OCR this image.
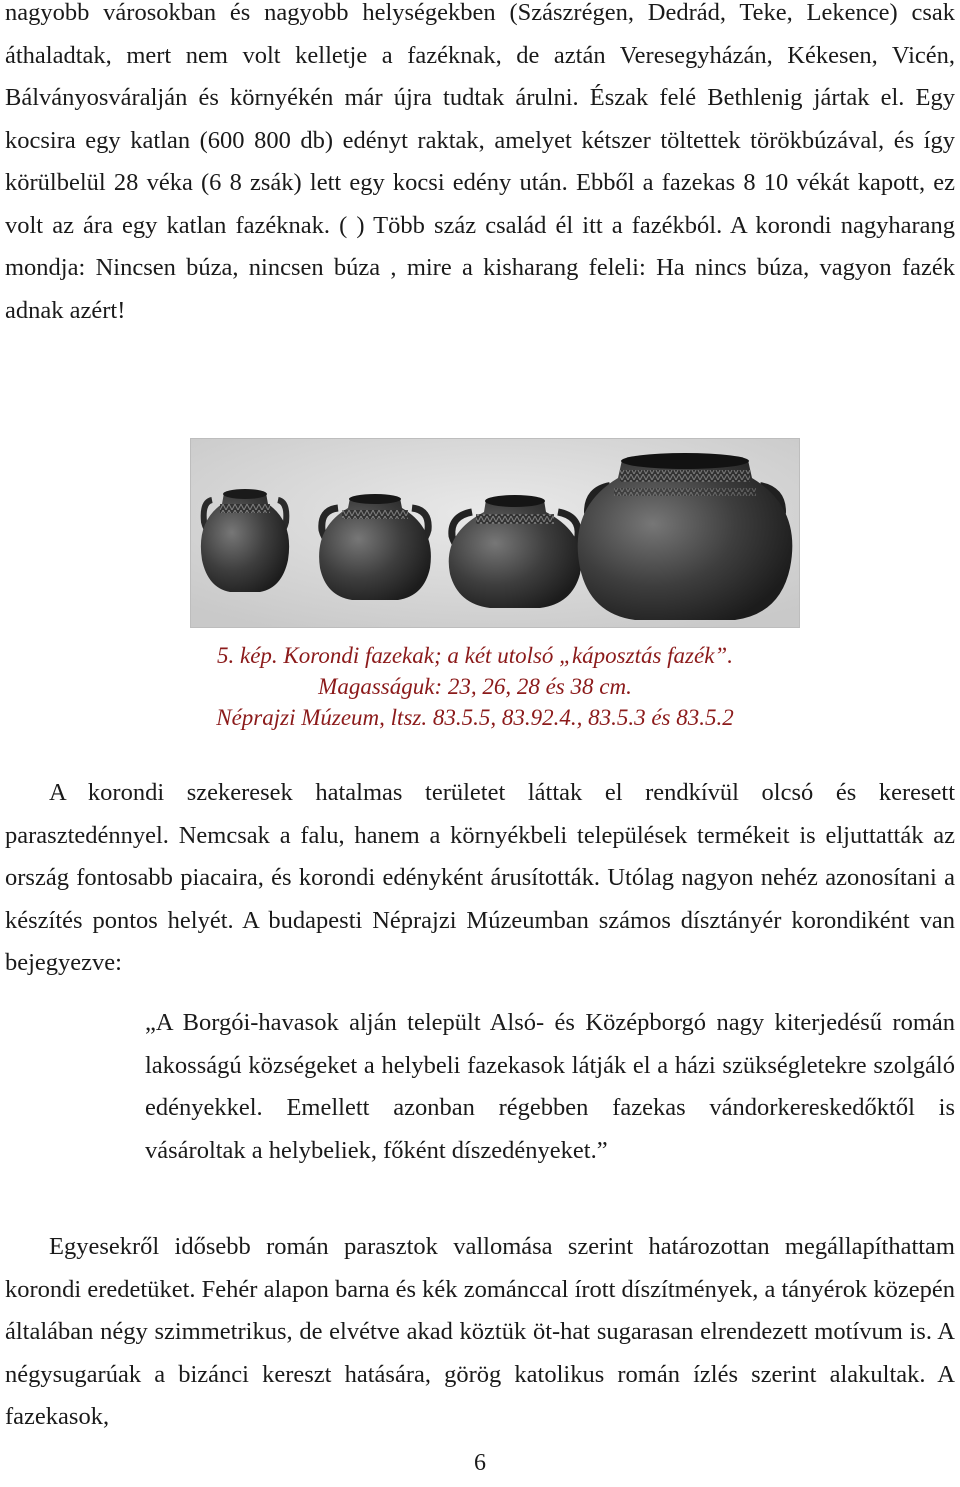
nagyobb városokban és nagyobb helységekben (Szászrégen, Dedrád, Teke, Lekence) csak áthaladtak, mert nem volt kelletje a fazéknak, de aztán Veresegyházán, Kékesen, Vicén, Bálványosváralján és környékén már újra tudtak árulni. Észak felé Bethlenig jártak el. Egy kocsira egy katlan (600 800 db) edényt raktak, amelyet kétszer töltettek törökbúzával, és így körülbelül 28 véka (6 8 zsák) lett egy kocsi edény után. Ebből a fazekas 8 10 vékát kapott, ez volt az ára egy katlan fazéknak. ( ) Több száz család él itt a fazékból. A korondi nagyharang mondja: Nincsen búza, nincsen búza , mire a kisharang feleli: Ha nincs búza, vagyon fazék adnak azért!

5. kép. Korondi fazekak; a két utolsó „káposztás fazék”.
Magasságuk: 23, 26, 28 és 38 cm.
Néprajzi Múzeum, ltsz. 83.5.5, 83.92.4., 83.5.3 és 83.5.2

A korondi szekeresek hatalmas területet láttak el rendkívül olcsó és keresett parasztedénnyel. Nemcsak a falu, hanem a környékbeli települések termékeit is eljuttatták az ország fontosabb piacaira, és korondi edényként árusították. Utólag nagyon nehéz azonosítani a készítés pontos helyét. A budapesti Néprajzi Múzeumban számos dísztányér korondiként van bejegyezve:

„A Borgói-havasok alján települt Alsó- és Középborgó nagy kiterjedésű román lakosságú községeket a helybeli fazekasok látják el a házi szükségletekre szolgáló edényekkel. Emellett azonban régebben fazekas vándorkereskedőktől is vásároltak a helybeliek, főként díszedényeket.”

Egyesekről idősebb román parasztok vallomása szerint határozottan megállapíthattam korondi eredetüket. Fehér alapon barna és kék zománccal írott díszítmények, a tányérok közepén általában négy szimmetrikus, de elvétve akad köztük öt-hat sugarasan elrendezett motívum is. A négysugarúak a bizánci kereszt hatására, görög katolikus román ízlés szerint alakultak. A fazekasok,

6
